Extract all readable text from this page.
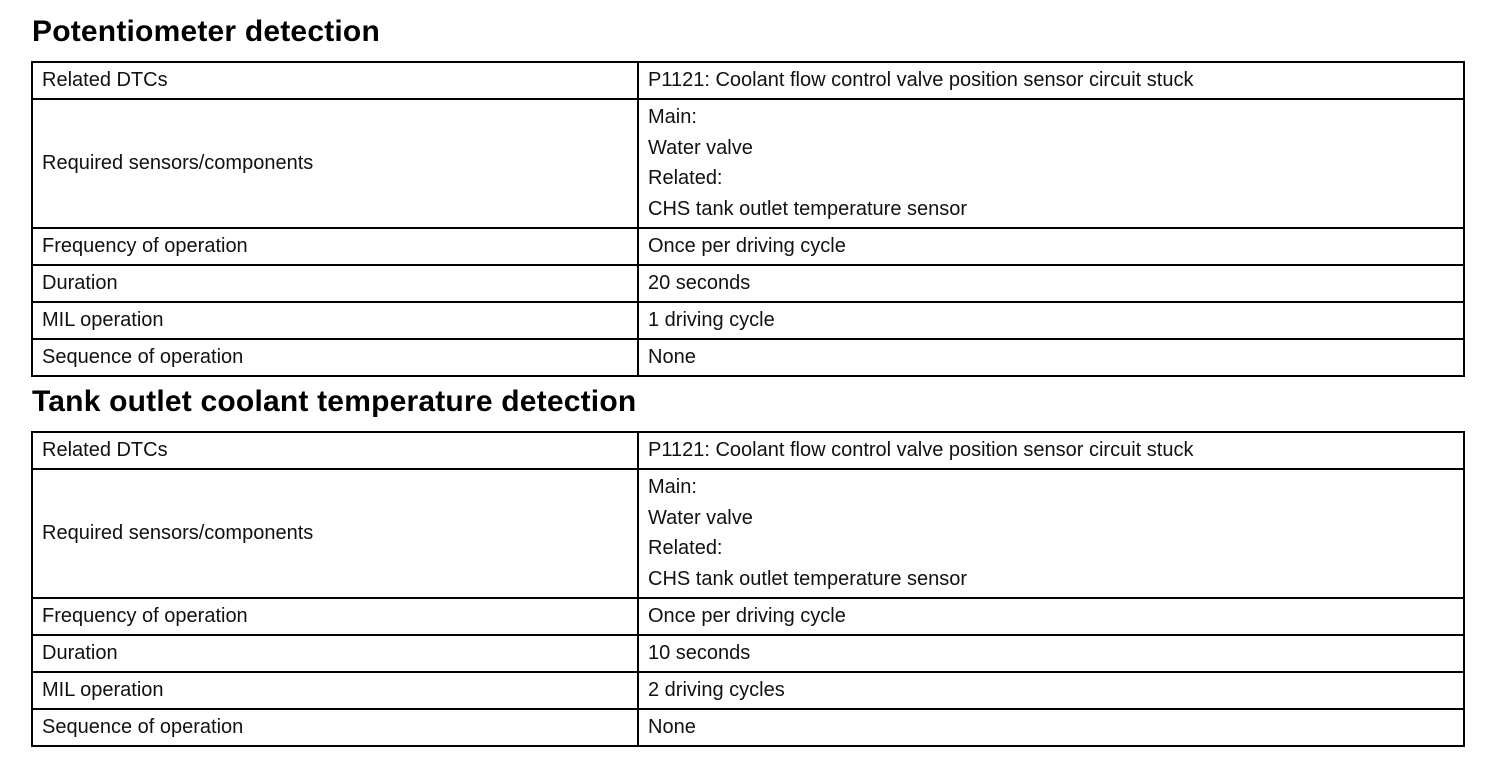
Potentiometer detection
Related DTCs	P1121: Coolant flow control valve position sensor circuit stuck
Required sensors/components	Main:
Water valve
Related:
CHS tank outlet temperature sensor

Frequency of operation	Once per driving cycle
Duration	20 seconds
MIL operation	1 driving cycle
Sequence of operation	None
Tank outlet coolant temperature detection
Related DTCs	P1121: Coolant flow control valve position sensor circuit stuck
Required sensors/components	Main:
Water valve
Related:
CHS tank outlet temperature sensor

Frequency of operation	Once per driving cycle
Duration	10 seconds
MIL operation	2 driving cycles
Sequence of operation	None
